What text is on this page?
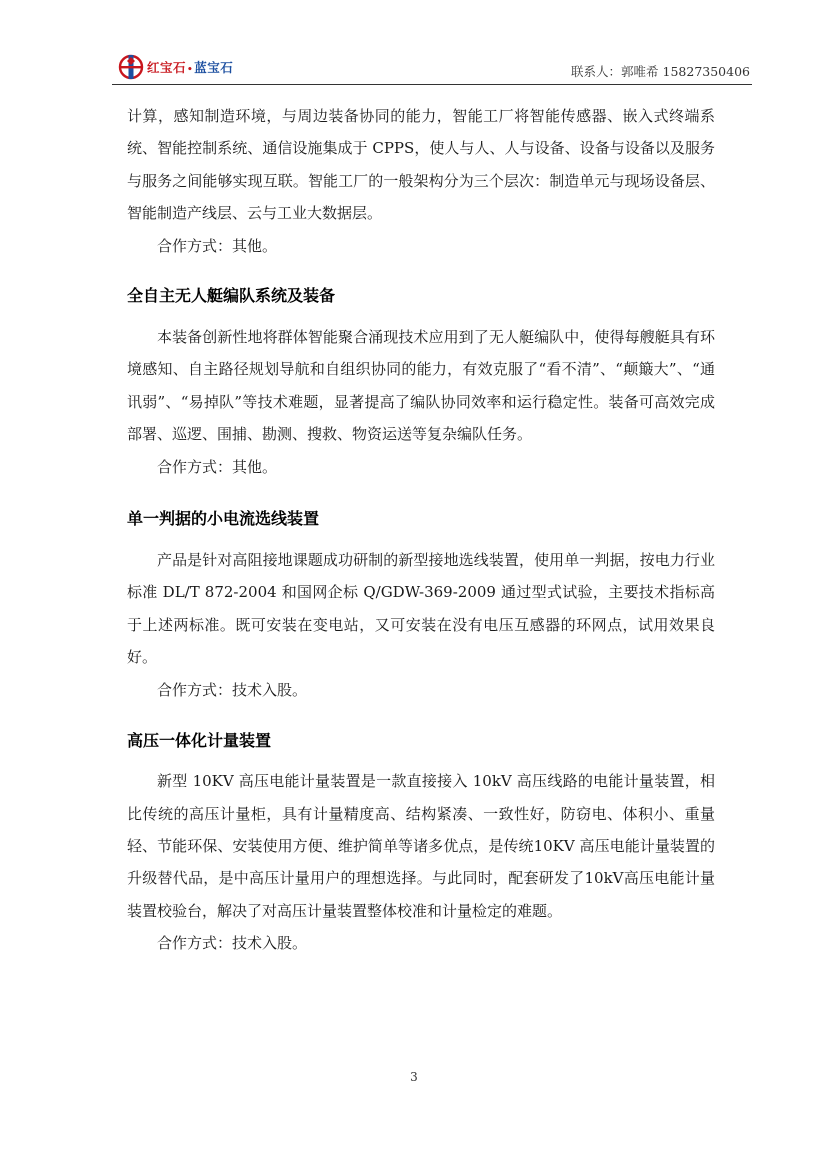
红宝石•蓝宝石	联系人：郭唯希 15827350406

计算，感知制造环境，与周边装备协同的能力，智能工厂将智能传感器、嵌入式终端系统、智能控制系统、通信设施集成于 CPPS，使人与人、人与设备、设备与设备以及服务与服务之间能够实现互联。智能工厂的一般架构分为三个层次：制造单元与现场设备层、智能制造产线层、云与工业大数据层。

合作方式：其他。

全自主无人艇编队系统及装备

本装备创新性地将群体智能聚合涌现技术应用到了无人艇编队中，使得每艘艇具有环境感知、自主路径规划导航和自组织协同的能力，有效克服了“看不清”、“颠簸大”、“通讯弱”、“易掉队”等技术难题，显著提高了编队协同效率和运行稳定性。装备可高效完成部署、巡逻、围捕、勘测、搜救、物资运送等复杂编队任务。

合作方式：其他。

单一判据的小电流选线装置

产品是针对高阻接地课题成功研制的新型接地选线装置，使用单一判据，按电力行业标准 DL/T 872-2004 和国网企标 Q/GDW-369-2009 通过型式试验，主要技术指标高于上述两标准。既可安装在变电站，又可安装在没有电压互感器的环网点，试用效果良好。

合作方式：技术入股。

高压一体化计量装置

新型 10KV 高压电能计量装置是一款直接接入 10kV 高压线路的电能计量装置，相比传统的高压计量柜，具有计量精度高、结构紧凑、一致性好，防窃电、体积小、重量轻、节能环保、安装使用方便、维护简单等诸多优点，是传统10KV 高压电能计量装置的升级替代品，是中高压计量用户的理想选择。与此同时，配套研发了10kV高压电能计量装置校验台，解决了对高压计量装置整体校准和计量检定的难题。

合作方式：技术入股。

3
